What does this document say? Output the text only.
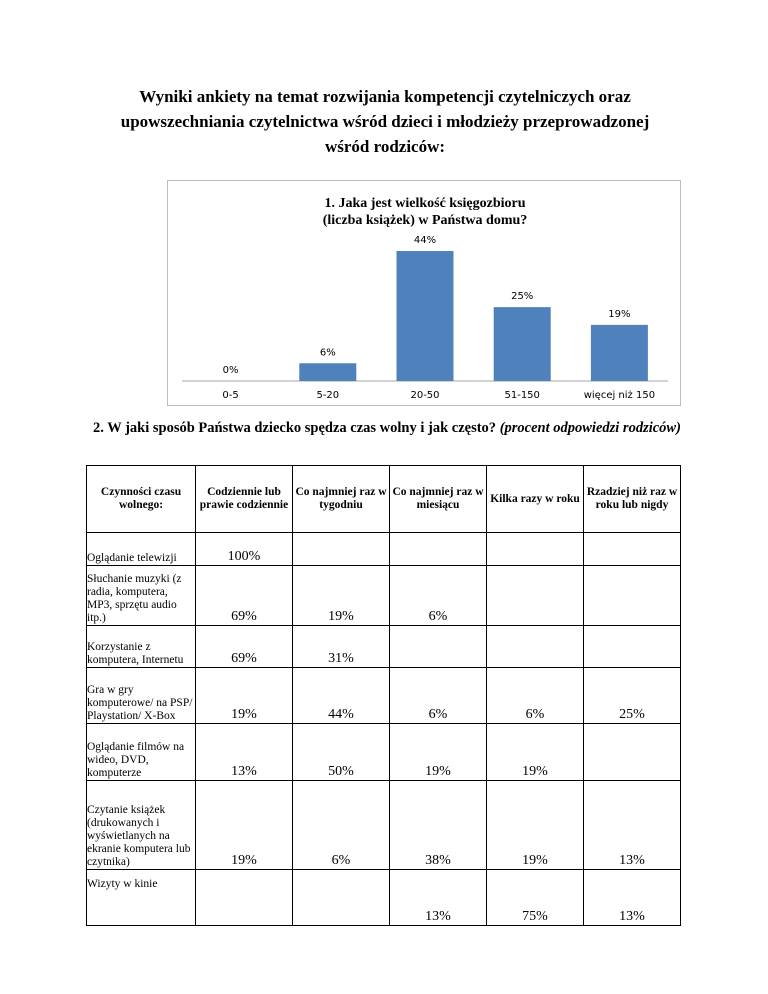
Wyniki ankiety na temat rozwijania kompetencji czytelniczych oraz upowszechniania czytelnictwa wśród dzieci i młodzieży przeprowadzonej wśród rodziców:
1. Jaka jest wielkość księgozbioru
(liczba książek) w Państwa domu?
0%
0-5
6%
5-20
44%
20-50
25%
51-150
19%
więcej niż 150
2. W jaki sposób Państwa dziecko spędza czas wolny i jak często? (procent odpowiedzi rodziców)
Czynności czasu wolnego:	Codziennie lub prawie codziennie	Co najmniej raz w tygodniu	Co najmniej raz w miesiącu	Kilka razy w roku	Rzadziej niż raz w roku lub nigdy
Oglądanie telewizji	100%				
Słuchanie muzyki (z radia, komputera, MP3, sprzętu audio itp.)	69%	19%	6%		
Korzystanie z komputera, Internetu	69%	31%			
Gra w gry komputerowe/ na PSP/ Playstation/ X-Box	19%	44%	6%	6%	25%
Oglądanie filmów na wideo, DVD, komputerze	13%	50%	19%	19%	
Czytanie książek (drukowanych i wyświetlanych na ekranie komputera lub czytnika)	19%	6%	38%	19%	13%
Wizyty w kinie			13%	75%	13%
